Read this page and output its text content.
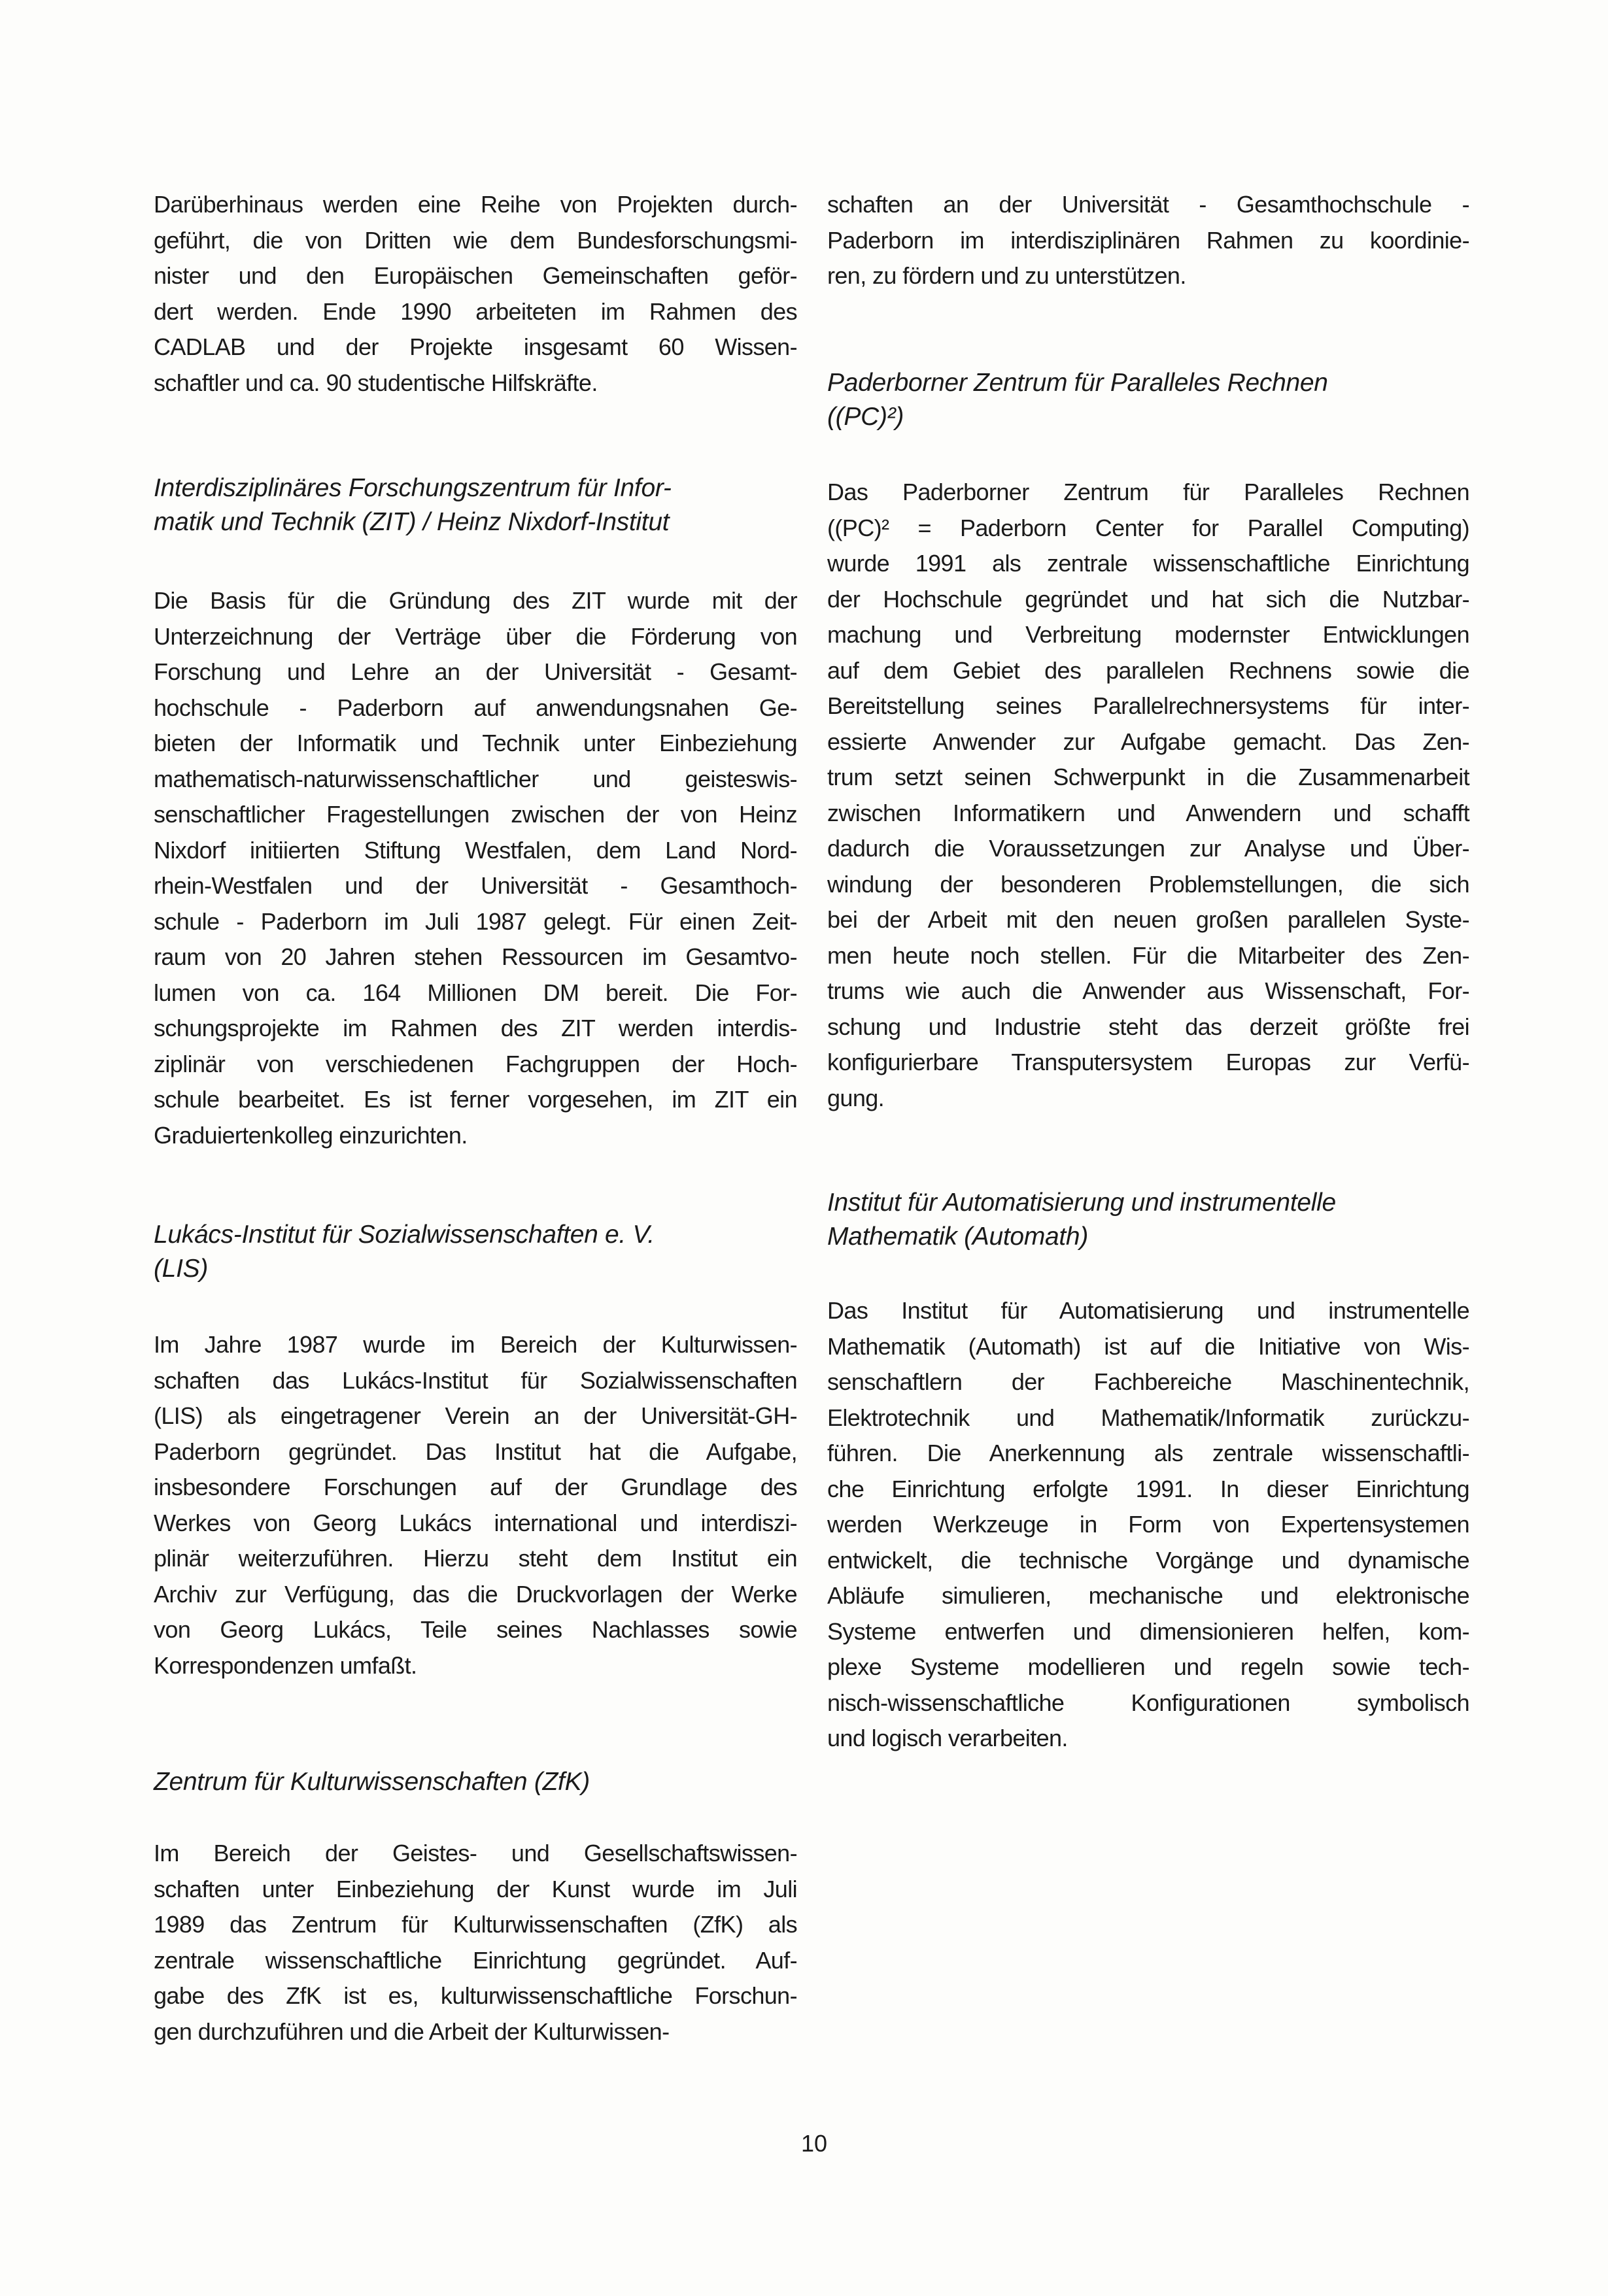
Darüberhinaus werden eine Reihe von Projekten durch-
geführt, die von Dritten wie dem Bundesforschungsmi-
nister und den Europäischen Gemeinschaften geför-
dert werden. Ende 1990 arbeiteten im Rahmen des
CADLAB und der Projekte insgesamt 60 Wissen-
schaftler und ca. 90 studentische Hilfskräfte.
Interdisziplinäres Forschungszentrum für Infor-
matik und Technik (ZIT) / Heinz Nixdorf-Institut
Die Basis für die Gründung des ZIT wurde mit der
Unterzeichnung der Verträge über die Förderung von
Forschung und Lehre an der Universität - Gesamt-
hochschule - Paderborn auf anwendungsnahen Ge-
bieten der Informatik und Technik unter Einbeziehung
mathematisch-naturwissenschaftlicher und geisteswis-
senschaftlicher Fragestellungen zwischen der von Heinz
Nixdorf initiierten Stiftung Westfalen, dem Land Nord-
rhein-Westfalen und der Universität - Gesamthoch-
schule - Paderborn im Juli 1987 gelegt. Für einen Zeit-
raum von 20 Jahren stehen Ressourcen im Gesamtvo-
lumen von ca. 164 Millionen DM bereit. Die For-
schungsprojekte im Rahmen des ZIT werden interdis-
ziplinär von verschiedenen Fachgruppen der Hoch-
schule bearbeitet. Es ist ferner vorgesehen, im ZIT ein
Graduiertenkolleg einzurichten.
Lukács-Institut für Sozialwissenschaften e. V.
(LIS)
Im Jahre 1987 wurde im Bereich der Kulturwissen-
schaften das Lukács-Institut für Sozialwissenschaften
(LIS) als eingetragener Verein an der Universität-GH-
Paderborn gegründet. Das Institut hat die Aufgabe,
insbesondere Forschungen auf der Grundlage des
Werkes von Georg Lukács international und interdiszi-
plinär weiterzuführen. Hierzu steht dem Institut ein
Archiv zur Verfügung, das die Druckvorlagen der Werke
von Georg Lukács, Teile seines Nachlasses sowie
Korrespondenzen umfaßt.
Zentrum für Kulturwissenschaften (ZfK)
Im Bereich der Geistes- und Gesellschaftswissen-
schaften unter Einbeziehung der Kunst wurde im Juli
1989 das Zentrum für Kulturwissenschaften (ZfK) als
zentrale wissenschaftliche Einrichtung gegründet. Auf-
gabe des ZfK ist es, kulturwissenschaftliche Forschun-
gen durchzuführen und die Arbeit der Kulturwissen-
schaften an der Universität - Gesamthochschule -
Paderborn im interdisziplinären Rahmen zu koordinie-
ren, zu fördern und zu unterstützen.
Paderborner Zentrum für Paralleles Rechnen
((PC)²)
Das Paderborner Zentrum für Paralleles Rechnen
((PC)² = Paderborn Center for Parallel Computing)
wurde 1991 als zentrale wissenschaftliche Einrichtung
der Hochschule gegründet und hat sich die Nutzbar-
machung und Verbreitung modernster Entwicklungen
auf dem Gebiet des parallelen Rechnens sowie die
Bereitstellung seines Parallelrechnersystems für inter-
essierte Anwender zur Aufgabe gemacht. Das Zen-
trum setzt seinen Schwerpunkt in die Zusammenarbeit
zwischen Informatikern und Anwendern und schafft
dadurch die Voraussetzungen zur Analyse und Über-
windung der besonderen Problemstellungen, die sich
bei der Arbeit mit den neuen großen parallelen Syste-
men heute noch stellen. Für die Mitarbeiter des Zen-
trums wie auch die Anwender aus Wissenschaft, For-
schung und Industrie steht das derzeit größte frei
konfigurierbare Transputersystem Europas zur Verfü-
gung.
Institut für Automatisierung und instrumentelle
Mathematik (Automath)
Das Institut für Automatisierung und instrumentelle
Mathematik (Automath) ist auf die Initiative von Wis-
senschaftlern der Fachbereiche Maschinentechnik,
Elektrotechnik und Mathematik/Informatik zurückzu-
führen. Die Anerkennung als zentrale wissenschaftli-
che Einrichtung erfolgte 1991. In dieser Einrichtung
werden Werkzeuge in Form von Expertensystemen
entwickelt, die technische Vorgänge und dynamische
Abläufe simulieren, mechanische und elektronische
Systeme entwerfen und dimensionieren helfen, kom-
plexe Systeme modellieren und regeln sowie tech-
nisch-wissenschaftliche Konfigurationen symbolisch
und logisch verarbeiten.
10
